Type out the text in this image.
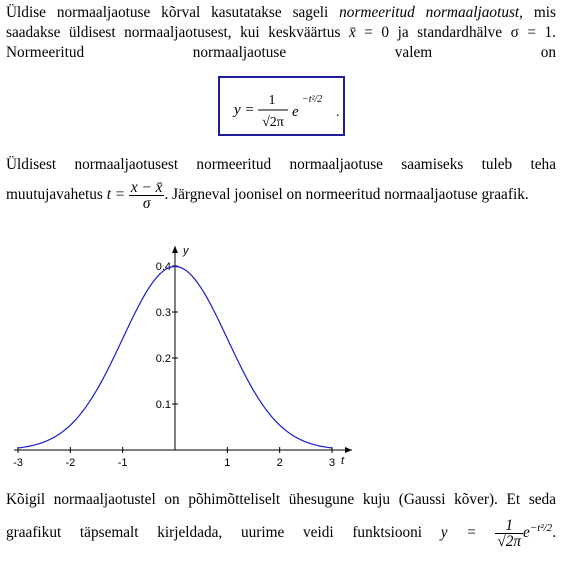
Üldise normaaljaotuse kõrval kasutatakse sageli normeeritud normaaljaotust, mis saadakse üldisest normaaljaotusest, kui keskväärtus x̄ = 0 ja standardhälve σ = 1. Normeeritud normaaljaotuse valem on
y =
1
√2π
e
−t²/2
.
Üldisest normaaljaotusest normeeritud normaaljaotuse saamiseks tuleb teha muutujavahetus $t = \frac{x - x̄}{\sigma}$ . Järgneval joonisel on normeeritud normaaljaotuse graafik.
t
y
-3	-2	-1	1	2	3
0.1
0.2
0.3
0.4
Kõigil normaaljaotustel on põhimõtteliselt ühesugune kuju (Gaussi kõver). Et seda graafikut täpsemalt kirjeldada, uurime veidi funktsiooni $y = \frac{1}{√2\pi} e^{-t^2/2}$.
